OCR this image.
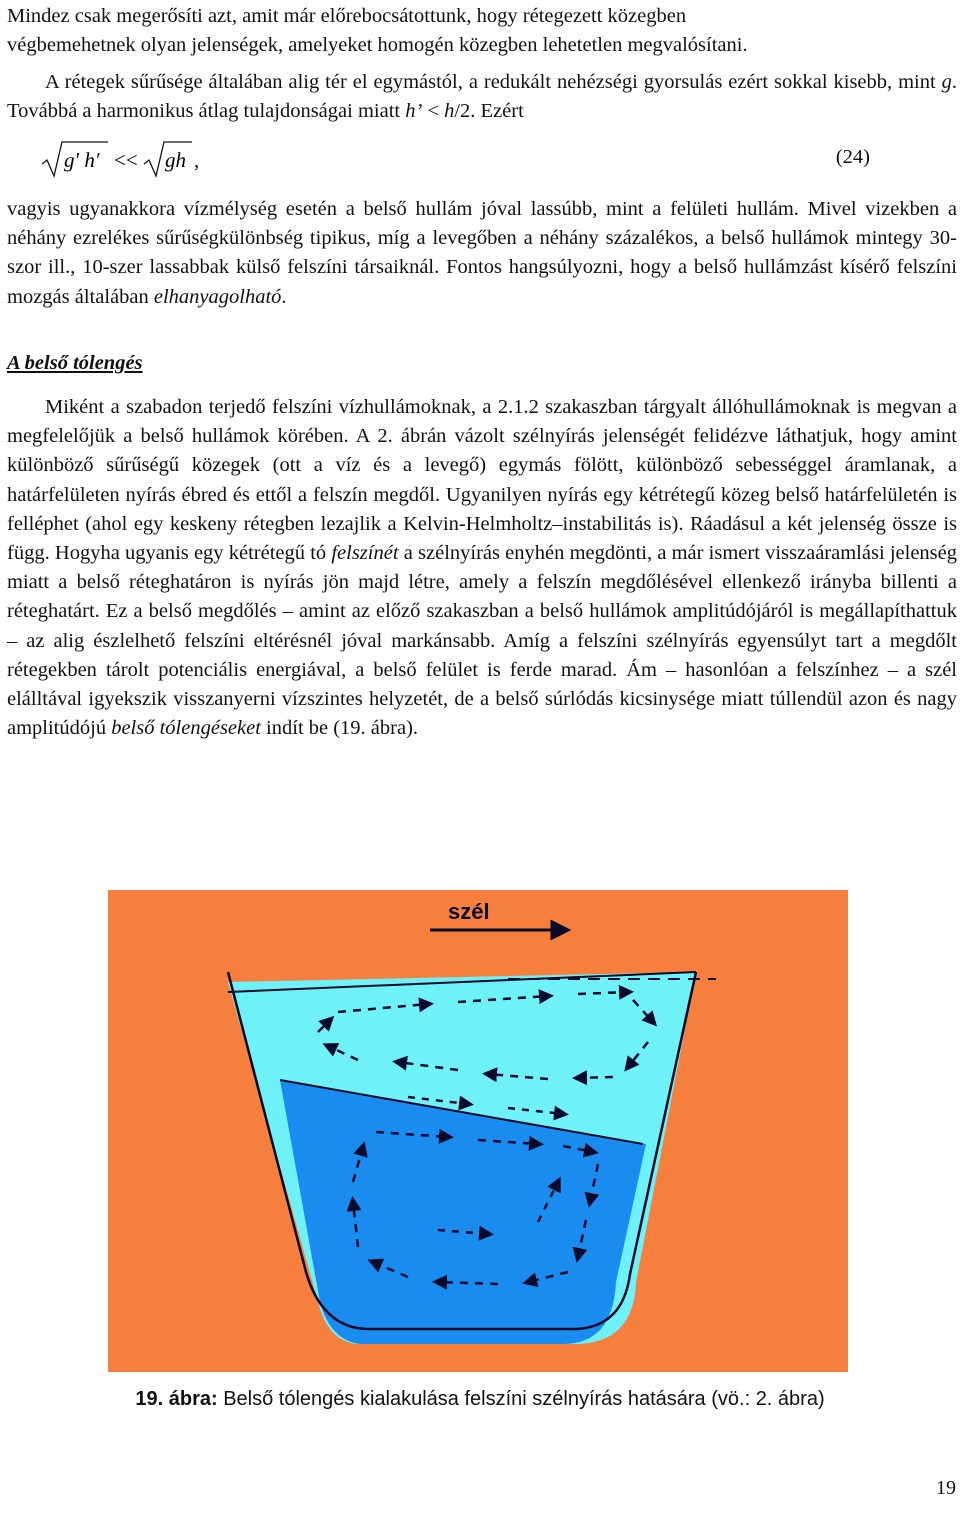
Mindez csak megerősíti azt, amit már előrebocsátottunk, hogy rétegezett közegben
végbemehetnek olyan jelenségek, amelyeket homogén közegben lehetetlen megvalósítani.

A rétegek sűrűsége általában alig tér el egymástól, a redukált nehézségi gyorsulás ezért sokkal kisebb, mint g. Továbbá a harmonikus átlag tulajdonságai miatt h’ < h/2. Ezért

g′ h′ << gh ,	(24)

vagyis ugyanakkora vízmélység esetén a belső hullám jóval lassúbb, mint a felületi hullám. Mivel vizekben a néhány ezrelékes sűrűségkülönbség tipikus, míg a levegőben a néhány százalékos, a belső hullámok mintegy 30-szor ill., 10-szer lassabbak külső felszíni társaiknál. Fontos hangsúlyozni, hogy a belső hullámzást kísérő felszíni mozgás általában elhanyagolható.

A belső tólengés

Miként a szabadon terjedő felszíni vízhullámoknak, a 2.1.2 szakaszban tárgyalt állóhullámoknak is megvan a megfelelőjük a belső hullámok körében. A 2. ábrán vázolt szélnyírás jelenségét felidézve láthatjuk, hogy amint különböző sűrűségű közegek (ott a víz és a levegő) egymás fölött, különböző sebességgel áramlanak, a határfelületen nyírás ébred és ettől a felszín megdől. Ugyanilyen nyírás egy kétrétegű közeg belső határfelületén is felléphet (ahol egy keskeny rétegben lezajlik a Kelvin-Helmholtz–instabilitás is). Ráadásul a két jelenség össze is függ. Hogyha ugyanis egy kétrétegű tó felszínét a szélnyírás enyhén megdönti, a már ismert visszaáramlási jelenség miatt a belső réteghatáron is nyírás jön majd létre, amely a felszín megdőlésével ellenkező irányba billenti a réteghatárt. Ez a belső megdőlés – amint az előző szakaszban a belső hullámok amplitúdójáról is megállapíthattuk – az alig észlelhető felszíni eltérésnél jóval markánsabb. Amíg a felszíni szélnyírás egyensúlyt tart a megdőlt rétegekben tárolt potenciális energiával, a belső felület is ferde marad. Ám – hasonlóan a felszínhez – a szél elálltával igyekszik visszanyerni vízszintes helyzetét, de a belső súrlódás kicsinysége miatt túllendül azon és nagy amplitúdójú belső tólengéseket indít be (19. ábra).

szél
19. ábra: Belső tólengés kialakulása felszíni szélnyírás hatására (vö.: 2. ábra)
19
